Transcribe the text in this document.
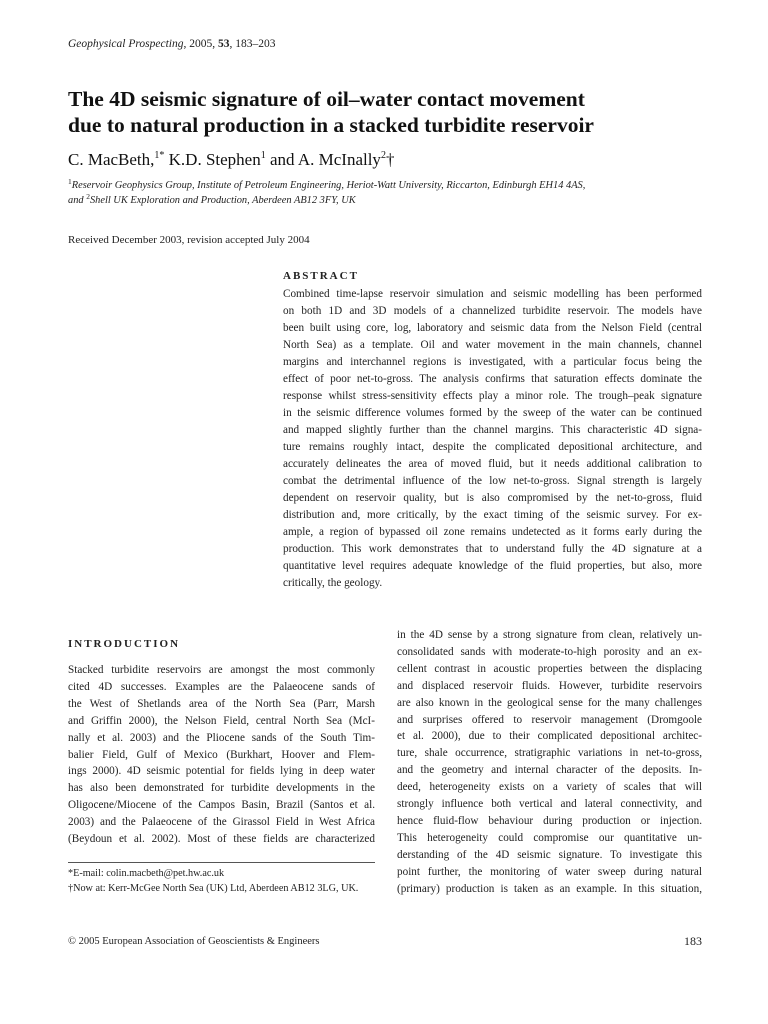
Geophysical Prospecting, 2005, 53, 183–203
The 4D seismic signature of oil–water contact movement
due to natural production in a stacked turbidite reservoir
C. MacBeth,$^{1*}$ K.D. Stephen$^1$ and A. McInally$^2$†
$^1$Reservoir Geophysics Group, Institute of Petroleum Engineering, Heriot-Watt University, Riccarton, Edinburgh EH14 4AS,
and $^2$Shell UK Exploration and Production, Aberdeen AB12 3FY, UK
Received December 2003, revision accepted July 2004
ABSTRACT
Combined time-lapse reservoir simulation and seismic modelling has been performed
on both 1D and 3D models of a channelized turbidite reservoir. The models have
been built using core, log, laboratory and seismic data from the Nelson Field (central
North Sea) as a template. Oil and water movement in the main channels, channel
margins and interchannel regions is investigated, with a particular focus being the
effect of poor net-to-gross. The analysis confirms that saturation effects dominate the
response whilst stress-sensitivity effects play a minor role. The trough–peak signature
in the seismic difference volumes formed by the sweep of the water can be continued
and mapped slightly further than the channel margins. This characteristic 4D signa-
ture remains roughly intact, despite the complicated depositional architecture, and
accurately delineates the area of moved fluid, but it needs additional calibration to
combat the detrimental influence of the low net-to-gross. Signal strength is largely
dependent on reservoir quality, but is also compromised by the net-to-gross, fluid
distribution and, more critically, by the exact timing of the seismic survey. For ex-
ample, a region of bypassed oil zone remains undetected as it forms early during the
production. This work demonstrates that to understand fully the 4D signature at a
quantitative level requires adequate knowledge of the fluid properties, but also, more
critically, the geology.
INTRODUCTION
Stacked turbidite reservoirs are amongst the most commonly
cited 4D successes. Examples are the Palaeocene sands of
the West of Shetlands area of the North Sea (Parr, Marsh
and Griffin 2000), the Nelson Field, central North Sea (McI-
nally et al. 2003) and the Pliocene sands of the South Tim-
balier Field, Gulf of Mexico (Burkhart, Hoover and Flem-
ings 2000). 4D seismic potential for fields lying in deep water
has also been demonstrated for turbidite developments in the
Oligocene/Miocene of the Campos Basin, Brazil (Santos et al.
2003) and the Palaeocene of the Girassol Field in West Africa
(Beydoun et al. 2002). Most of these fields are characterized
in the 4D sense by a strong signature from clean, relatively un-
consolidated sands with moderate-to-high porosity and an ex-
cellent contrast in acoustic properties between the displacing
and displaced reservoir fluids. However, turbidite reservoirs
are also known in the geological sense for the many challenges
and surprises offered to reservoir management (Dromgoole
et al. 2000), due to their complicated depositional architec-
ture, shale occurrence, stratigraphic variations in net-to-gross,
and the geometry and internal character of the deposits. In-
deed, heterogeneity exists on a variety of scales that will
strongly influence both vertical and lateral connectivity, and
hence fluid-flow behaviour during production or injection.
This heterogeneity could compromise our quantitative un-
derstanding of the 4D seismic signature. To investigate this
point further, the monitoring of water sweep during natural
(primary) production is taken as an example. In this situation,
*E-mail: colin.macbeth@pet.hw.ac.uk
†Now at: Kerr-McGee North Sea (UK) Ltd, Aberdeen AB12 3LG, UK.
© 2005 European Association of Geoscientists & Engineers	183
